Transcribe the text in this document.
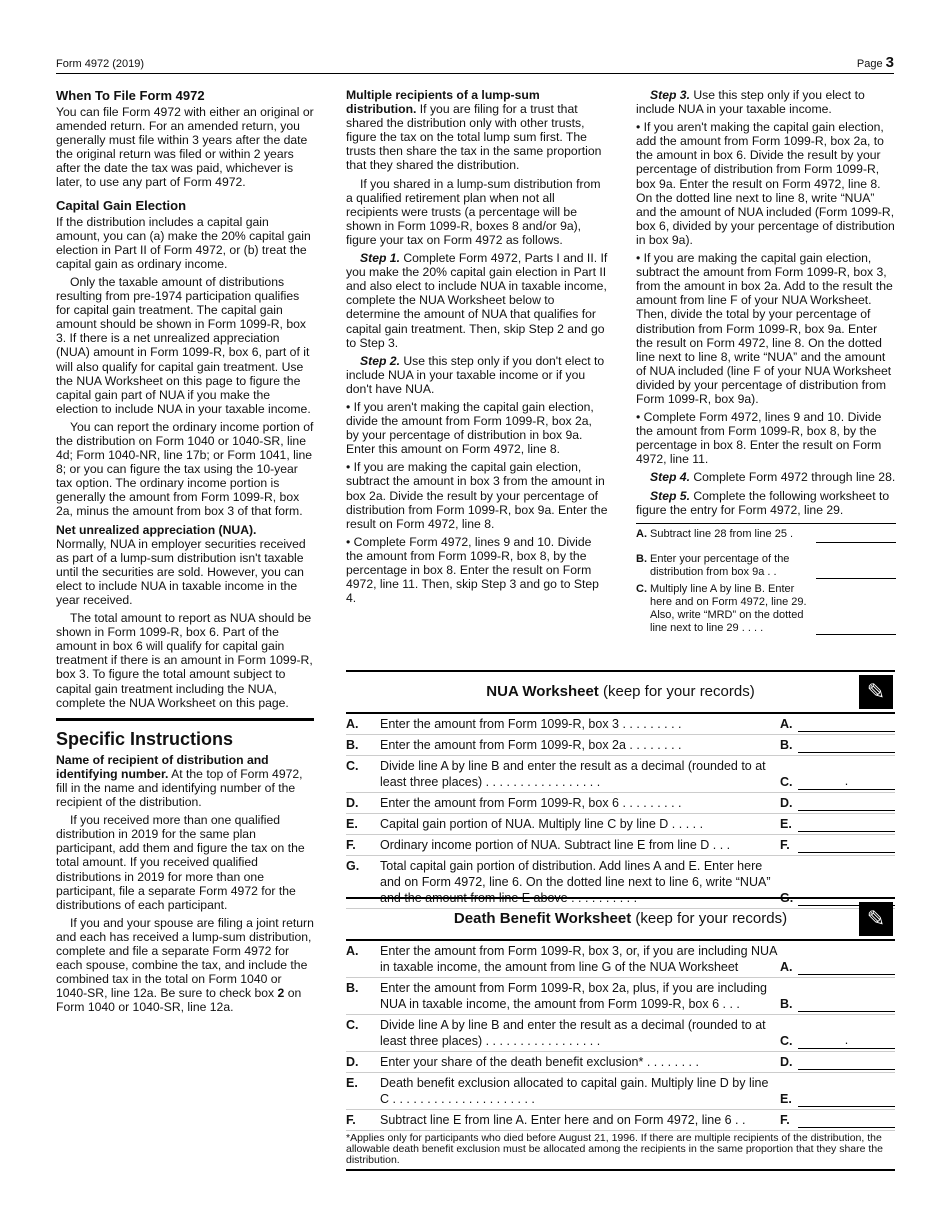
Form 4972 (2019)	Page 3
When To File Form 4972

You can file Form 4972 with either an original or amended return. For an amended return, you generally must file within 3 years after the date the original return was filed or within 2 years after the date the tax was paid, whichever is later, to use any part of Form 4972.

Capital Gain Election

If the distribution includes a capital gain amount, you can (a) make the 20% capital gain election in Part II of Form 4972, or (b) treat the capital gain as ordinary income.

Only the taxable amount of distributions resulting from pre-1974 participation qualifies for capital gain treatment. The capital gain amount should be shown in Form 1099-R, box 3. If there is a net unrealized appreciation (NUA) amount in Form 1099-R, box 6, part of it will also qualify for capital gain treatment. Use the NUA Worksheet on this page to figure the capital gain part of NUA if you make the election to include NUA in your taxable income.

You can report the ordinary income portion of the distribution on Form 1040 or 1040-SR, line 4d; Form 1040-NR, line 17b; or Form 1041, line 8; or you can figure the tax using the 10-year tax option. The ordinary income portion is generally the amount from Form 1099-R, box 2a, minus the amount from box 3 of that form.

Net unrealized appreciation (NUA).
Normally, NUA in employer securities received as part of a lump-sum distribution isn't taxable until the securities are sold. However, you can elect to include NUA in taxable income in the year received.

The total amount to report as NUA should be shown in Form 1099-R, box 6. Part of the amount in box 6 will qualify for capital gain treatment if there is an amount in Form 1099-R, box 3. To figure the total amount subject to capital gain treatment including the NUA, complete the NUA Worksheet on this page.

Specific Instructions

Name of recipient of distribution and identifying number. At the top of Form 4972, fill in the name and identifying number of the recipient of the distribution.

If you received more than one qualified distribution in 2019 for the same plan participant, add them and figure the tax on the total amount. If you received qualified distributions in 2019 for more than one participant, file a separate Form 4972 for the distributions of each participant.

If you and your spouse are filing a joint return and each has received a lump-sum distribution, complete and file a separate Form 4972 for each spouse, combine the tax, and include the combined tax in the total on Form 1040 or 1040-SR, line 12a. Be sure to check box 2 on Form 1040 or 1040-SR, line 12a.

Multiple recipients of a lump-sum distribution. If you are filing for a trust that shared the distribution only with other trusts, figure the tax on the total lump sum first. The trusts then share the tax in the same proportion that they shared the distribution.

If you shared in a lump-sum distribution from a qualified retirement plan when not all recipients were trusts (a percentage will be shown in Form 1099-R, boxes 8 and/or 9a), figure your tax on Form 4972 as follows.

Step 1. Complete Form 4972, Parts I and II. If you make the 20% capital gain election in Part II and also elect to include NUA in taxable income, complete the NUA Worksheet below to determine the amount of NUA that qualifies for capital gain treatment. Then, skip Step 2 and go to Step 3.

Step 2. Use this step only if you don't elect to include NUA in your taxable income or if you don't have NUA.

• If you aren't making the capital gain election, divide the amount from Form 1099-R, box 2a, by your percentage of distribution in box 9a. Enter this amount on Form 4972, line 8.

• If you are making the capital gain election, subtract the amount in box 3 from the amount in box 2a. Divide the result by your percentage of distribution from Form 1099-R, box 9a. Enter the result on Form 4972, line 8.

• Complete Form 4972, lines 9 and 10. Divide the amount from Form 1099-R, box 8, by the percentage in box 8. Enter the result on Form 4972, line 11. Then, skip Step 3 and go to Step 4.

Step 3. Use this step only if you elect to include NUA in your taxable income.

• If you aren't making the capital gain election, add the amount from Form 1099-R, box 2a, to the amount in box 6. Divide the result by your percentage of distribution from Form 1099-R, box 9a. Enter the result on Form 4972, line 8. On the dotted line next to line 8, write “NUA” and the amount of NUA included (Form 1099-R, box 6, divided by your percentage of distribution in box 9a).

• If you are making the capital gain election, subtract the amount from Form 1099-R, box 3, from the amount in box 2a. Add to the result the amount from line F of your NUA Worksheet. Then, divide the total by your percentage of distribution from Form 1099-R, box 9a. Enter the result on Form 4972, line 8. On the dotted line next to line 8, write “NUA” and the amount of NUA included (line F of your NUA Worksheet divided by your percentage of distribution from Form 1099-R, box 9a).

• Complete Form 4972, lines 9 and 10. Divide the amount from Form 1099-R, box 8, by the percentage in box 8. Enter the result on Form 4972, line 11.

Step 4. Complete Form 4972 through line 28.

Step 5. Complete the following worksheet to figure the entry for Form 4972, line 29.

A. Subtract line 28 from line 25 .
B. Enter your percentage of the distribution from box 9a . .
C. Multiply line A by line B. Enter here and on Form 4972, line 29. Also, write “MRD” on the dotted line next to line 29 . . . .
NUA Worksheet (keep for your records)	✎
A.	Enter the amount from Form 1099-R, box 3 . . . . . . . . .	A.
B.	Enter the amount from Form 1099-R, box 2a . . . . . . . .	B.
C.	Divide line A by line B and enter the result as a decimal (rounded to at least three places) . . . . . . . . . . . . . . . . .	C.	.
D.	Enter the amount from Form 1099-R, box 6 . . . . . . . . .	D.
E.	Capital gain portion of NUA. Multiply line C by line D . . . . .	E.
F.	Ordinary income portion of NUA. Subtract line E from line D . . .	F.
G.	Total capital gain portion of distribution. Add lines A and E. Enter here and on Form 4972, line 6. On the dotted line next to line 6, write “NUA” and the amount from line E above . . . . . . . . . .	G.
Death Benefit Worksheet (keep for your records)	✎
A.	Enter the amount from Form 1099-R, box 3, or, if you are including NUA in taxable income, the amount from line G of the NUA Worksheet	A.
B.	Enter the amount from Form 1099-R, box 2a, plus, if you are including NUA in taxable income, the amount from Form 1099-R, box 6 . . .	B.
C.	Divide line A by line B and enter the result as a decimal (rounded to at least three places) . . . . . . . . . . . . . . . . .	C.	.
D.	Enter your share of the death benefit exclusion* . . . . . . . .	D.
E.	Death benefit exclusion allocated to capital gain. Multiply line D by line C . . . . . . . . . . . . . . . . . . . . .	E.
F.	Subtract line E from line A. Enter here and on Form 4972, line 6 . .	F.
*Applies only for participants who died before August 21, 1996. If there are multiple recipients of the distribution, the allowable death benefit exclusion must be allocated among the recipients in the same proportion that they share the distribution.
